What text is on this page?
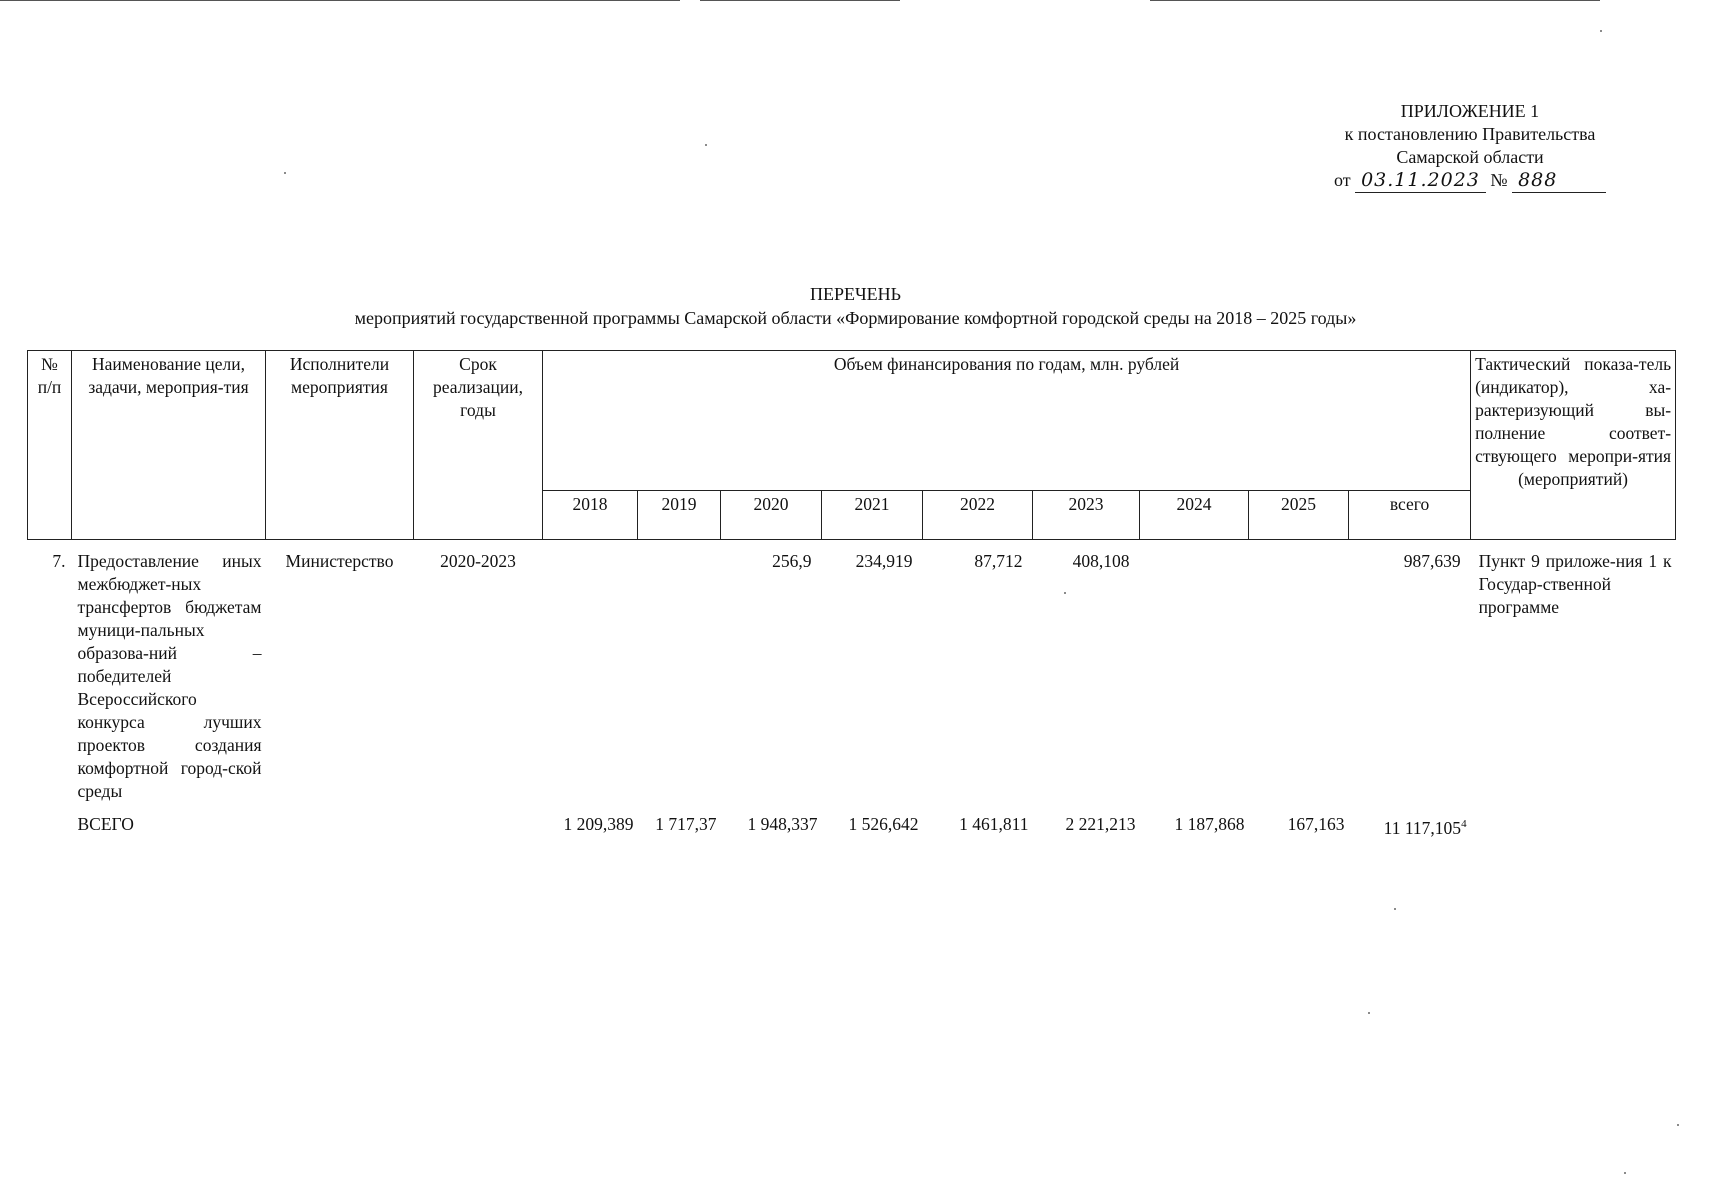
ПРИЛОЖЕНИЕ 1
к постановлению Правительства
Самарской области
от 03.11.2023 № 888
ПЕРЕЧЕНЬ
мероприятий государственной программы Самарской области «Формирование комфортной городской среды на 2018 – 2025 годы»
№ п/п	Наименование цели, задачи, мероприя-тия	Исполнители мероприятия	Срок реализации, годы	Объем финансирования по годам, млн. рублей									Тактический показа-тель (индикатор), ха-рактеризующий вы-полнение соответ-ствующего меропри-ятия (мероприятий)
				2018	2019	2020	2021	2022	2023	2024	2025	всего	
7.	Предоставление иных межбюджет-ных трансфертов бюджетам муници-пальных образова-ний – победителей Всероссийского конкурса лучших проектов создания комфортной город-ской среды	Министерство	2020-2023			256,9	234,919	87,712	408,108			987,639	Пункт 9 приложе-ния 1 к Государ-ственной программе
	ВСЕГО			1 209,389	1 717,37	1 948,337	1 526,642	1 461,811	2 221,213	1 187,868	167,163	11 117,105$^4$	
